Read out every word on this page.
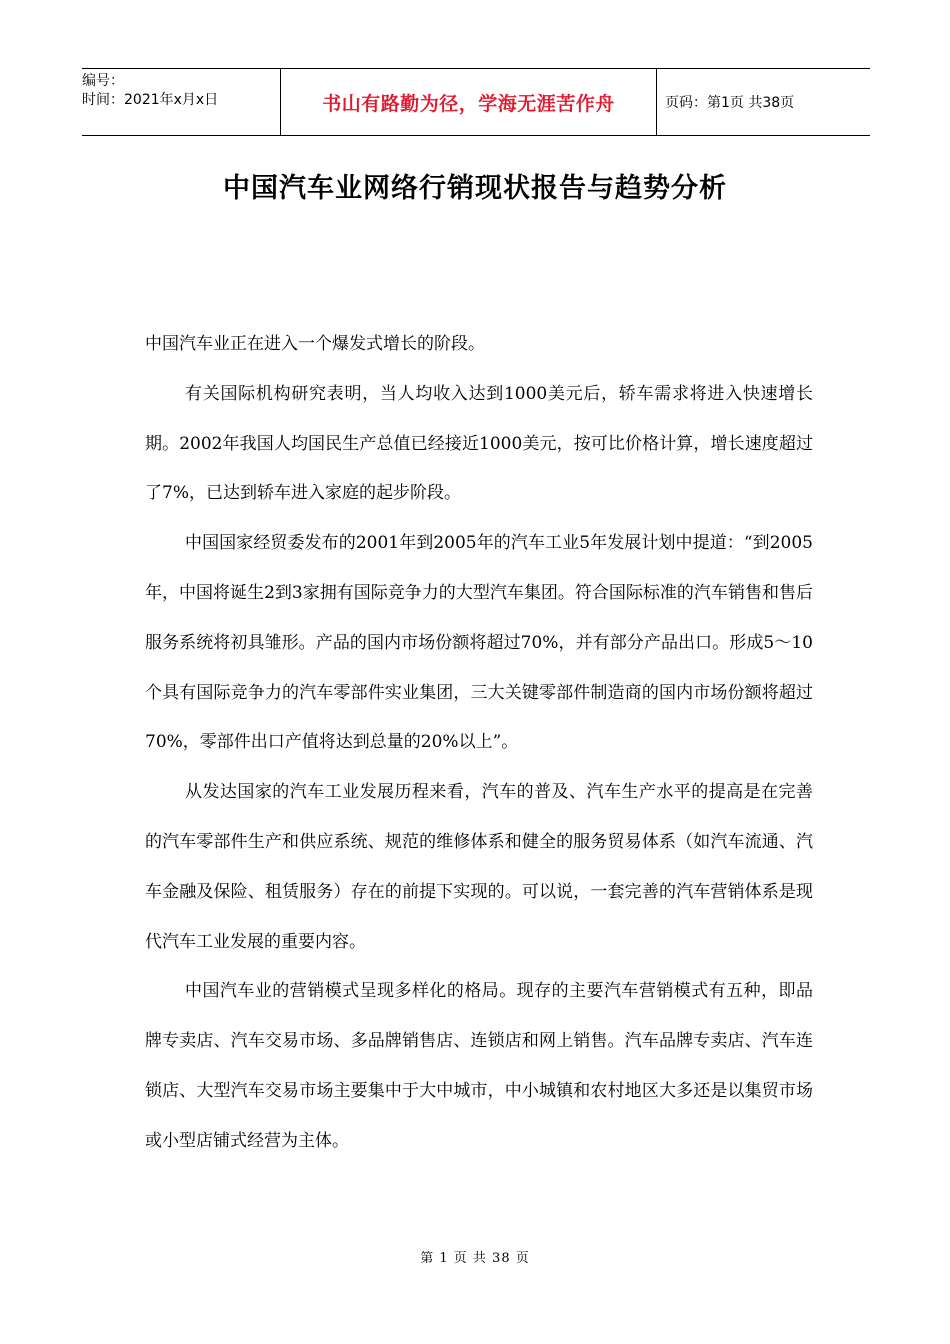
编号：
时间：2021年x月x日	书山有路勤为径，学海无涯苦作舟	页码：第1页 共38页
中国汽车业网络行销现状报告与趋势分析

中国汽车业正在进入一个爆发式增长的阶段。

有关国际机构研究表明，当人均收入达到1000美元后，轿车需求将进入快速增长期。2002年我国人均国民生产总值已经接近1000美元，按可比价格计算，增长速度超过了7%，已达到轿车进入家庭的起步阶段。

中国国家经贸委发布的2001年到2005年的汽车工业5年发展计划中提道：“到2005年，中国将诞生2到3家拥有国际竞争力的大型汽车集团。符合国际标准的汽车销售和售后服务系统将初具雏形。产品的国内市场份额将超过70%，并有部分产品出口。形成5～10个具有国际竞争力的汽车零部件实业集团，三大关键零部件制造商的国内市场份额将超过70%，零部件出口产值将达到总量的20%以上”。

从发达国家的汽车工业发展历程来看，汽车的普及、汽车生产水平的提高是在完善的汽车零部件生产和供应系统、规范的维修体系和健全的服务贸易体系（如汽车流通、汽车金融及保险、租赁服务）存在的前提下实现的。可以说，一套完善的汽车营销体系是现代汽车工业发展的重要内容。

中国汽车业的营销模式呈现多样化的格局。现存的主要汽车营销模式有五种，即品牌专卖店、汽车交易市场、多品牌销售店、连锁店和网上销售。汽车品牌专卖店、汽车连锁店、大型汽车交易市场主要集中于大中城市，中小城镇和农村地区大多还是以集贸市场或小型店铺式经营为主体。

第 1 页 共 38 页
